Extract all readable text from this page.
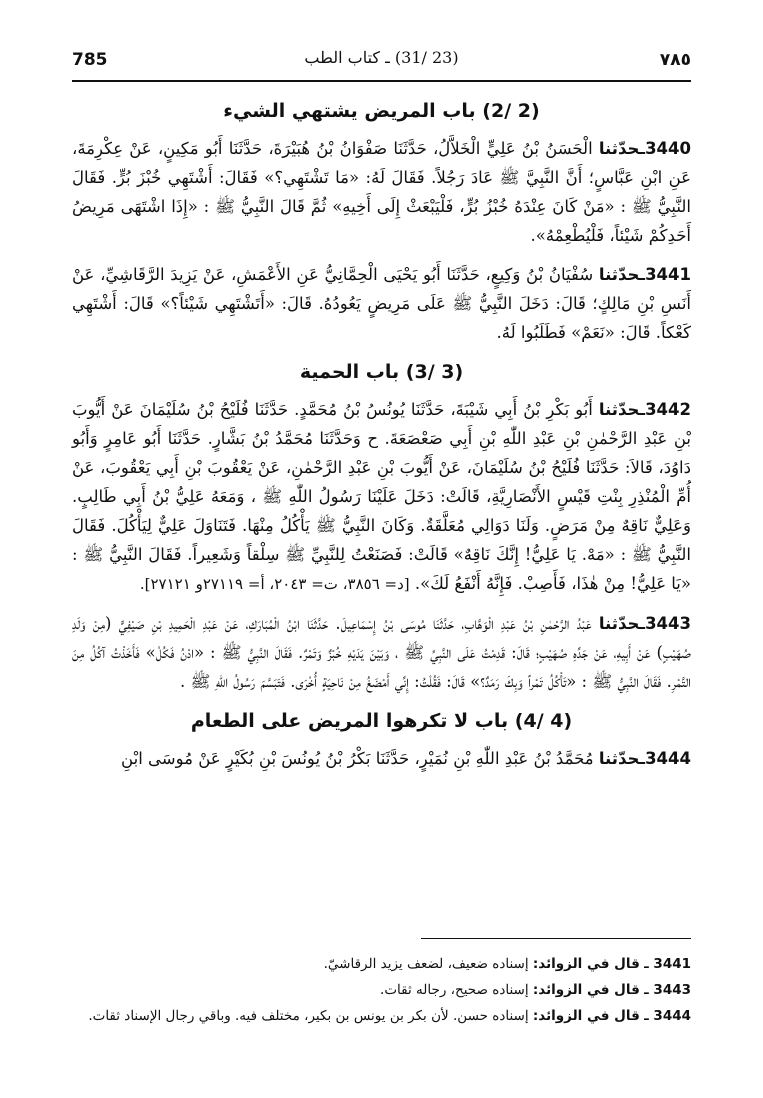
785	(23 /31) ـ كتاب الطب	٧٨٥
(2 /2) باب المريض يشتهي الشيء

3440ـحدّثنا الْحَسَنُ بْنُ عَلِيٍّ الْخَلاَّلُ، حَدَّثَنَا صَفْوَانُ بْنُ هُبَيْرَةَ، حَدَّثَنَا أَبُو مَكِينٍ، عَنْ عِكْرِمَةَ، عَنِ ابْنِ عَبَّاسٍ؛ أَنَّ النَّبِيَّ ﷺ عَادَ رَجُلاً. فَقَالَ لَهُ: «مَا تَشْتَهِي؟» فَقَالَ: أَشْتَهِي خُبْزَ بُرٍّ. فَقَالَ النَّبِيُّ ﷺ : «مَنْ كَانَ عِنْدَهُ خُبْزُ بُرٍّ، فَلْيَبْعَثْ إِلَى أَخِيهِ» ثُمَّ قَالَ النَّبِيُّ ﷺ : «إِذَا اشْتَهَى مَرِيضُ أَحَدِكُمْ شَيْئاً، فَلْيُطْعِمْهُ».

3441ـحدّثنا سُفْيَانُ بْنُ وَكِيعٍ، حَدَّثَنَا أَبُو يَحْيَى الْحِمَّانِيُّ عَنِ الأَعْمَشِ، عَنْ يَزِيدَ الرَّقَاشِيِّ، عَنْ أَنَسِ بْنِ مَالِكٍ؛ قَالَ: دَخَلَ النَّبِيُّ ﷺ عَلَى مَرِيضٍ يَعُودُهُ. قَالَ: «أَتَشْتَهِي شَيْئاً؟» قَالَ: أَشْتَهِي كَعْكاً. قَالَ: «نَعَمْ» فَطَلَبُوا لَهُ.

(3 /3) باب الحمية

3442ـحدّثنا أَبُو بَكْرِ بْنُ أَبِي شَيْبَةَ، حَدَّثَنَا يُونُسُ بْنُ مُحَمَّدٍ. حَدَّثَنَا فُلَيْحُ بْنُ سُلَيْمَانَ عَنْ أَيُّوبَ بْنِ عَبْدِ الرَّحْمٰنِ بْنِ عَبْدِ اللّٰهِ بْنِ أَبِي صَعْصَعَةَ. ح وَحَدَّثَنَا مُحَمَّدُ بْنُ بَشَّارٍ. حَدَّثَنَا أَبُو عَامِرٍ وَأَبُو دَاوُدَ، قَالاَ: حَدَّثَنَا فُلَيْحُ بْنُ سُلَيْمَانَ، عَنْ أَيُّوبَ بْنِ عَبْدِ الرَّحْمٰنِ، عَنْ يَعْقُوبَ بْنِ أَبِي يَعْقُوبَ، عَنْ أُمِّ الْمُنْذِرِ بِنْتِ قَيْسٍ الأَنْصَارِيَّةِ، قَالَتْ: دَخَلَ عَلَيْنَا رَسُولُ اللّٰهِ ﷺ ، وَمَعَهُ عَلِيُّ بْنُ أَبِي طَالِبٍ. وَعَلِيٌّ نَاقِهٌ مِنْ مَرَضٍ. وَلَنَا دَوَالِي مُعَلَّقَةٌ. وَكَانَ النَّبِيُّ ﷺ يَأْكُلُ مِنْهَا. فَتَنَاوَلَ عَلِيٌّ لِيَأْكُلَ. فَقَالَ النَّبِيُّ ﷺ : «مَهْ. يَا عَلِيُّ! إِنَّكَ نَاقِهٌ» قَالَتْ: فَصَنَعْتُ لِلنَّبِيِّ ﷺ سِلْقاً وَشَعِيراً. فَقَالَ النَّبِيُّ ﷺ : «يَا عَلِيُّ! مِنْ هٰذَا، فَأَصِبْ. فَإِنَّهُ أَنْفَعُ لَكَ». [د= ٣٨٥٦، ت= ٢٠٤٣، أ= ٢٧١١٩و ٢٧١٢١].

3443ـحدّثنا عَبْدُ الرَّحْمٰنِ بْنُ عَبْدِ الْوَهَّابِ، حَدَّثَنَا مُوسَى بْنُ إِسْمَاعِيلَ. حَدَّثَنَا ابْنُ الْمُبَارَكِ، عَنْ عَبْدِ الْحَمِيدِ بْنِ صَيْفِيٍّ (مِنْ وَلَدِ صُهَيْبٍ) عَنْ أَبِيهِ، عَنْ جَدِّهِ صُهَيْبٍ؛ قَالَ: قَدِمْتُ عَلَى النَّبِيِّ ﷺ ، وَبَيْنَ يَدَيْهِ خُبْزٌ وَتَمْرٌ. فَقَالَ النَّبِيُّ ﷺ : «ادْنُ فَكُلْ» فَأَخَذْتُ آكُلُ مِنَ التَّمْرِ. فَقَالَ النَّبِيُّ ﷺ : «تَأْكُلُ تَمْراً وَبِكَ رَمَدٌ؟» قَالَ: فَقُلْتُ: إِنِّي أَمْضَغُ مِنْ نَاحِيَةٍ أُخْرَى. فَتَبَسَّمَ رَسُولُ اللّٰهِ ﷺ .

(4 /4) باب لا تكرهوا المريض على الطعام

3444ـحدّثنا مُحَمَّدُ بْنُ عَبْدِ اللّٰهِ بْنِ نُمَيْرٍ، حَدَّثَنَا بَكْرُ بْنُ يُونُسَ بْنِ بُكَيْرٍ عَنْ مُوسَى ابْنِ

3441 ـ قال في الزوائد: إسناده ضعيف، لضعف يزيد الرقاشيّ.

3443 ـ قال في الزوائد: إسناده صحيح، رجاله ثقات.

3444 ـ قال في الزوائد: إسناده حسن. لأن بكر بن يونس بن بكير، مختلف فيه. وباقي رجال الإسناد ثقات.
